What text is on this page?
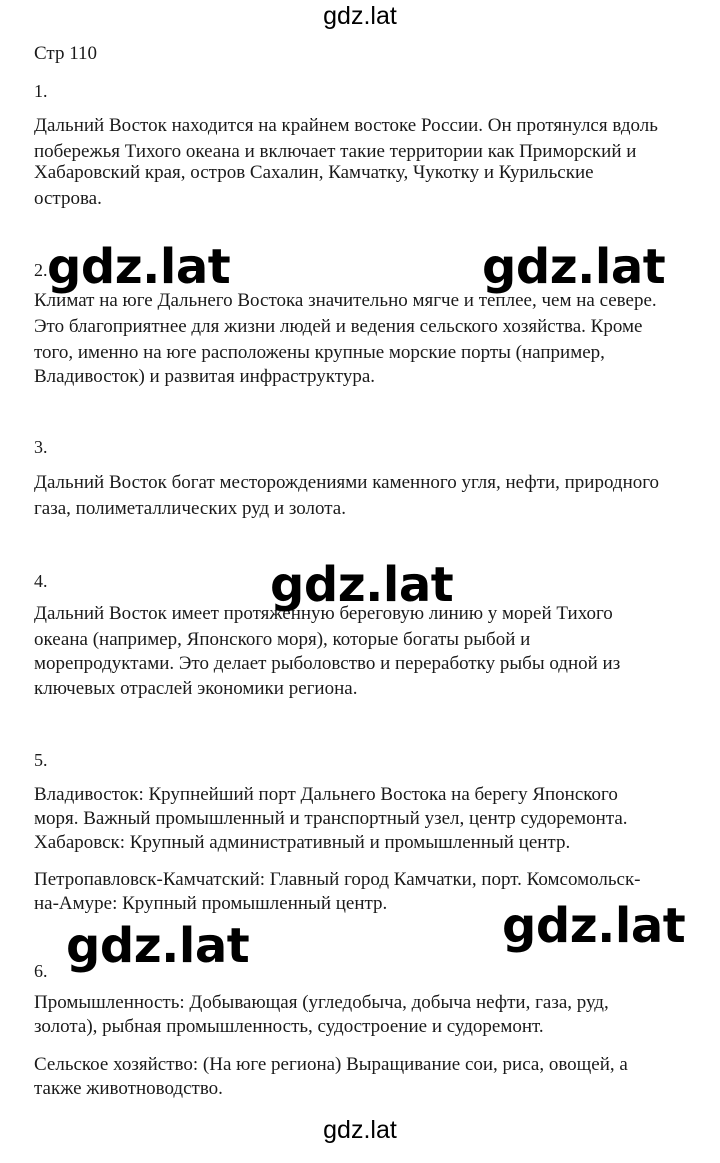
gdz.lat
Стр 110
1.
Дальний Восток находится на крайнем востоке России. Он протянулся вдоль
побережья Тихого океана и включает такие территории как Приморский и
Хабаровский края, остров Сахалин, Камчатку, Чукотку и Курильские
острова.
2.
Климат на юге Дальнего Востока значительно мягче и теплее, чем на севере.
Это благоприятнее для жизни людей и ведения сельского хозяйства. Кроме
того, именно на юге расположены крупные морские порты (например,
Владивосток) и развитая инфраструктура.
3.
Дальний Восток богат месторождениями каменного угля, нефти, природного
газа, полиметаллических руд и золота.
4.
Дальний Восток имеет протяженную береговую линию у морей Тихого
океана (например, Японского моря), которые богаты рыбой и
морепродуктами. Это делает рыболовство и переработку рыбы одной из
ключевых отраслей экономики региона.
5.
Владивосток: Крупнейший порт Дальнего Востока на берегу Японского
моря. Важный промышленный и транспортный узел, центр судоремонта.
Хабаровск: Крупный административный и промышленный центр.
Петропавловск-Камчатский: Главный город Камчатки, порт. Комсомольск-
на-Амуре: Крупный промышленный центр.
6.
Промышленность: Добывающая (угледобыча, добыча нефти, газа, руд,
золота), рыбная промышленность, судостроение и судоремонт.
Сельское хозяйство: (На юге региона) Выращивание сои, риса, овощей, а
также животноводство.
gdz.lat	gdz.lat
gdz.lat
gdz.lat
gdz.lat
gdz.lat
